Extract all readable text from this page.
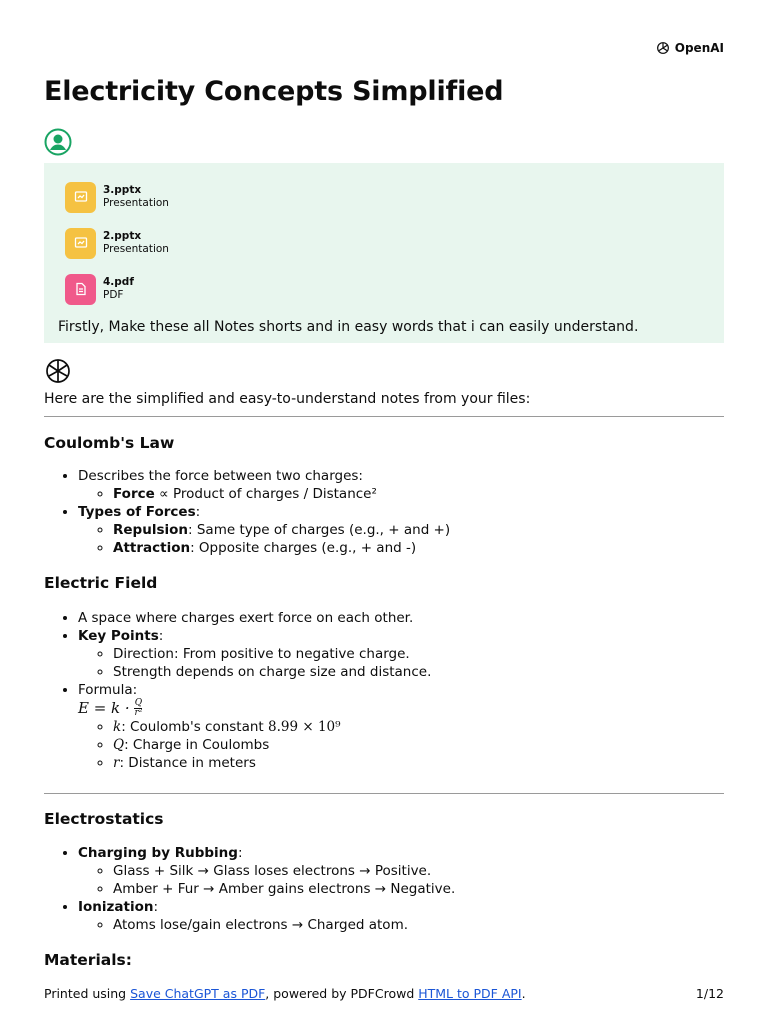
OpenAI
Electricity Concepts Simplified
3.pptx
Presentation
2.pptx
Presentation
4.pdf
PDF
Firstly, Make these all Notes shorts and in easy words that i can easily understand.
Here are the simplified and easy-to-understand notes from your files:
Coulomb's Law
• Describes the force between two charges:
◦ Force ∝ Product of charges / Distance²
• Types of Forces:
◦ Repulsion: Same type of charges (e.g., + and +)
◦ Attraction: Opposite charges (e.g., + and -)
Electric Field
• A space where charges exert force on each other.
• Key Points:
◦ Direction: From positive to negative charge.
◦ Strength depends on charge size and distance.
• Formula:
$E = k \cdot \frac{Q}{\text{r²}}$
◦ k: Coulomb's constant 8.99 × 10⁹
◦ Q: Charge in Coulombs
◦ r: Distance in meters
Electrostatics
• Charging by Rubbing:
◦ Glass + Silk → Glass loses electrons → Positive.
◦ Amber + Fur → Amber gains electrons → Negative.
• Ionization:
◦ Atoms lose/gain electrons → Charged atom.
Materials:
Printed using Save ChatGPT as PDF, powered by PDFCrowd HTML to PDF API.	1/12
